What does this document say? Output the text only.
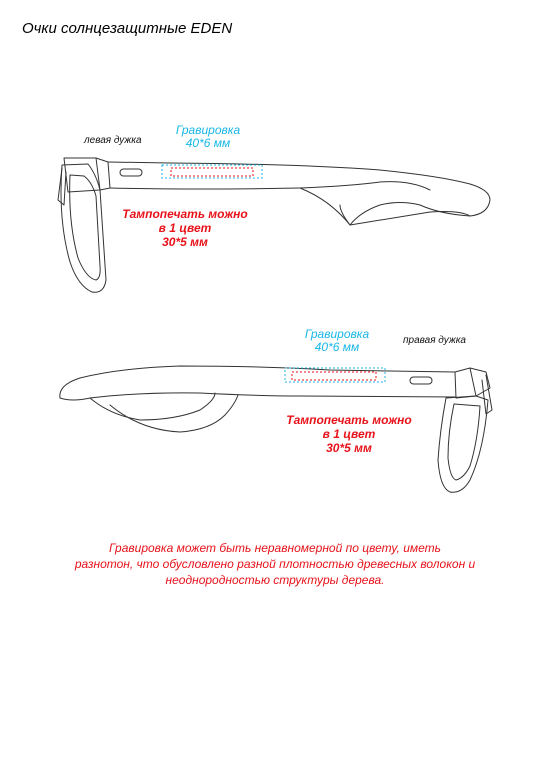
Очки солнцезащитные EDEN
левая дужка
Гравировка
40*6 мм
Тампопечать можно
в 1 цвет
30*5 мм
правая дужка
Гравировка
40*6 мм
Тампопечать можно
в 1 цвет
30*5 мм
Гравировка может быть неравномерной по цвету, иметь
разнотон, что обусловлено разной плотностью древесных волокон и
неоднородностью структуры дерева.
